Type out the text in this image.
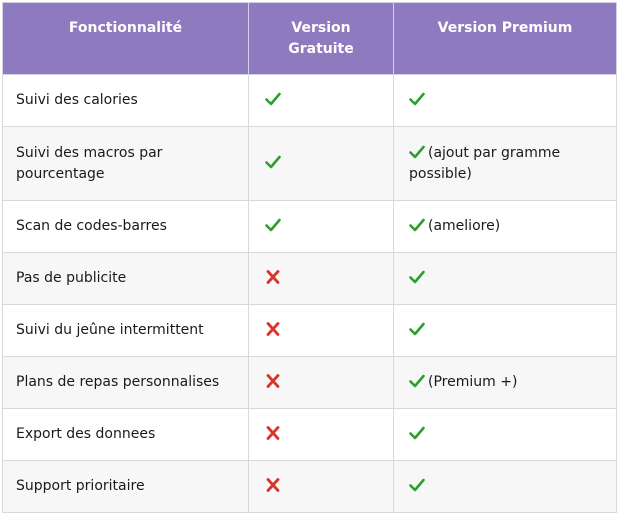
Fonctionnalité	Version Gratuite	Version Premium
Suivi des calories		
Suivi des macros par pourcentage		(ajout par gramme possible)
Scan de codes-barres		(ameliore)
Pas de publicite		
Suivi du jeûne intermittent		
Plans de repas personnalises		(Premium +)
Export des donnees		
Support prioritaire		
